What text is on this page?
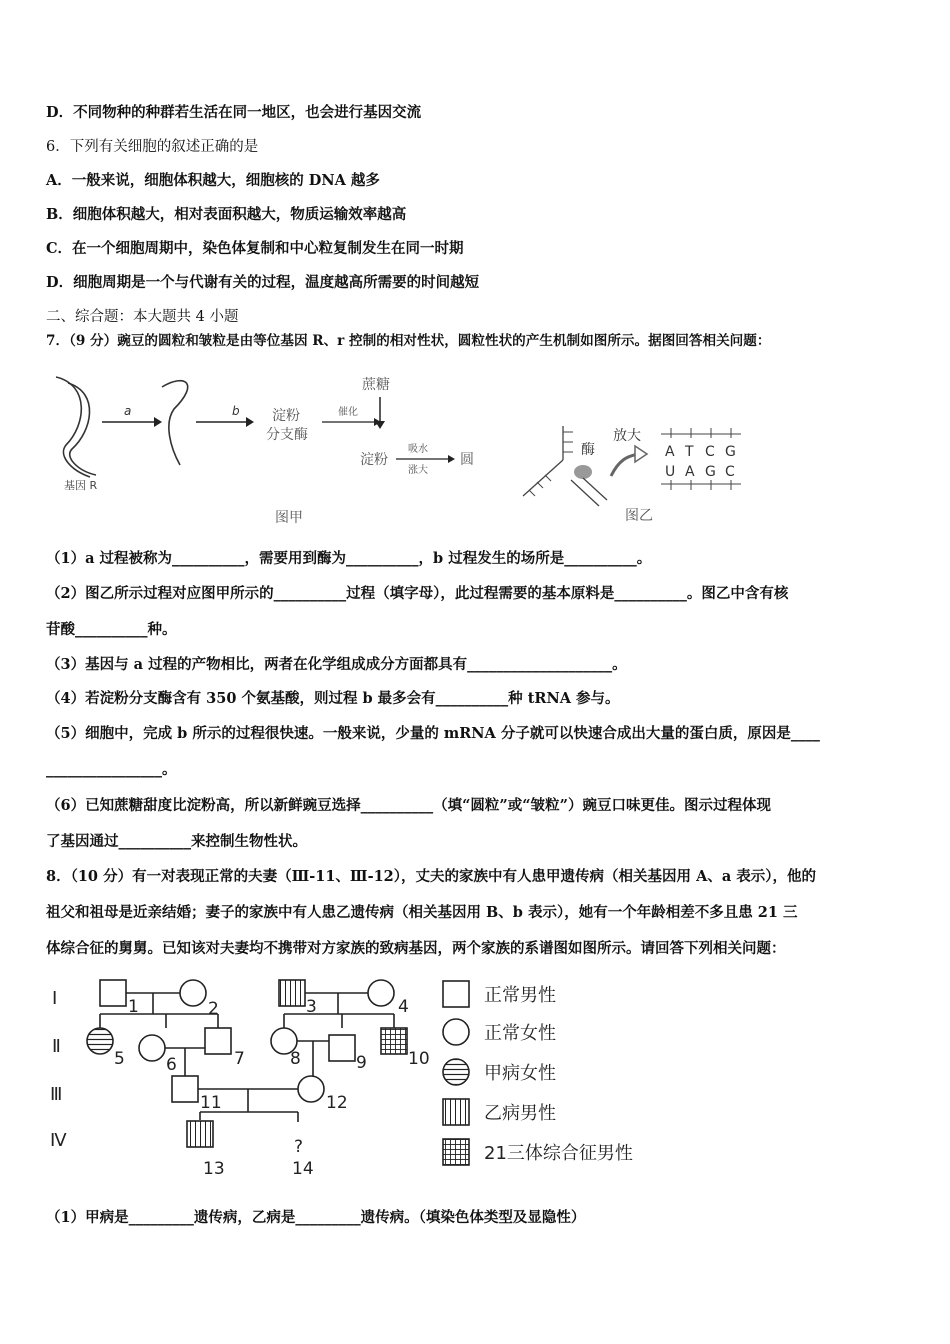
D．不同物种的种群若生活在同一地区，也会进行基因交流
6．下列有关细胞的叙述正确的是
A．一般来说，细胞体积越大，细胞核的 DNA 越多
B．细胞体积越大，相对表面积越大，物质运输效率越高
C．在一个细胞周期中，染色体复制和中心粒复制发生在同一时期
D．细胞周期是一个与代谢有关的过程，温度越高所需要的时间越短
二、综合题：本大题共 4 小题
7．（9 分）豌豆的圆粒和皱粒是由等位基因 R、r 控制的相对性状，圆粒性状的产生机制如图所示。据图回答相关问题：
基因 R
a	b 淀粉
分支酶
蔗糖
催化
淀粉
吸水
涨大
圆
图甲
酶
放大
A T C G
U A G C
图乙
（1）a 过程被称为__________，需要用到酶为__________，b 过程发生的场所是__________。
（2）图乙所示过程对应图甲所示的__________过程（填字母），此过程需要的基本原料是__________。图乙中含有核
苷酸__________种。
（3）基因与 a 过程的产物相比，两者在化学组成成分方面都具有____________________。
（4）若淀粉分支酶含有 350 个氨基酸，则过程 b 最多会有__________种 tRNA 参与。
（5）细胞中，完成 b 所示的过程很快速。一般来说，少量的 mRNA 分子就可以快速合成出大量的蛋白质，原因是____
________________。
（6）已知蔗糖甜度比淀粉高，所以新鲜豌豆选择__________（填“圆粒”或“皱粒”）豌豆口味更佳。图示过程体现
了基因通过__________来控制生物性状。
8．（10 分）有一对表现正常的夫妻（Ⅲ-11、Ⅲ-12），丈夫的家族中有人患甲遗传病（相关基因用 A、a 表示），他的
祖父和祖母是近亲结婚；妻子的家族中有人患乙遗传病（相关基因用 B、b 表示），她有一个年龄相差不多且患 21 三
体综合征的舅舅。已知该对夫妻均不携带对方家族的致病基因，两个家族的系谱图如图所示。请回答下列相关问题：
Ⅰ
Ⅱ
Ⅲ
Ⅳ
1	2	3	4
5 6	7	8	9 10
11	12
13
?
14
正常男性
正常女性
甲病女性
乙病男性
21三体综合征男性
（1）甲病是_________遗传病，乙病是_________遗传病。（填染色体类型及显隐性）
